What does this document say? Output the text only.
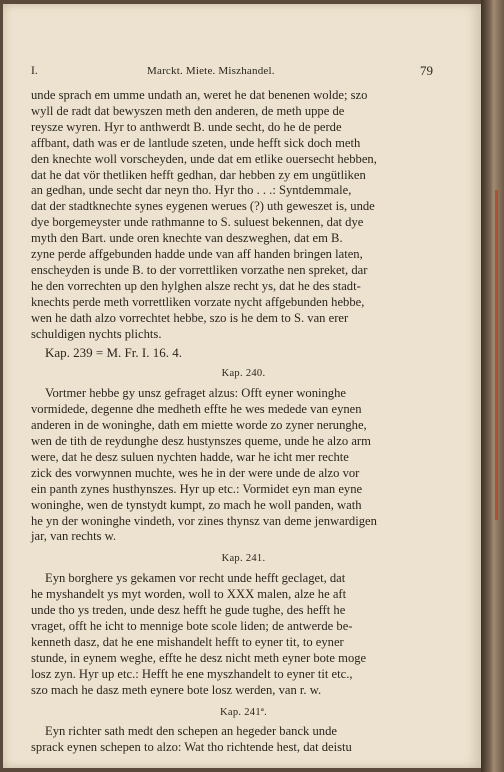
I.	Marckt. Miete. Miszhandel.	79
unde sprach em umme undath an, weret he dat benenen wolde; szo
wyll de radt dat bewyszen meth den anderen, de meth uppe de
reysze wyren. Hyr to anthwerdt B. unde secht, do he de perde
affbant, dath was er de lantlude szeten, unde hefft sick doch meth
den knechte woll vorscheyden, unde dat em etlike ouersecht hebben,
dat he dat vör thetliken hefft gedhan, dar hebben zy em ungütliken
an gedhan, unde secht dar neyn tho. Hyr tho . . .: Syntdemmale,
dat der stadtknechte synes eygenen werues (?) uth geweszet is, unde
dye borgemeyster unde rathmanne to S. suluest bekennen, dat dye
myth den Bart. unde oren knechte van deszweghen, dat em B.
zyne perde affgebunden hadde unde van aff handen bringen laten,
enscheyden is unde B. to der vorrettliken vorzathe nen spreket, dar
he den vorrechten up den hylghen alsze recht ys, dat he des stadt-
knechts perde meth vorrettliken vorzate nycht affgebunden hebbe,
wen he dath alzo vorrechtet hebbe, szo is he dem to S. van erer
schuldigen nychts plichts.
Kap. 239 = M. Fr. I. 16. 4.
Kap. 240.
Vortmer hebbe gy unsz gefraget alzus: Offt eyner woninghe
vormidede, degenne dhe medheth effte he wes medede van eynen
anderen in de woninghe, dath em miette worde zo zyner nerunghe,
wen de tith de reydunghe desz hustynszes queme, unde he alzo arm
were, dat he desz suluen nychten hadde, war he icht mer rechte
zick des vorwynnen muchte, wes he in der were unde de alzo vor
ein panth zynes husthynszes. Hyr up etc.: Vormidet eyn man eyne
woninghe, wen de tynstydt kumpt, zo mach he woll panden, wath
he yn der woninghe vindeth, vor zines thynsz van deme jenwardigen
jar, van rechts w.
Kap. 241.
Eyn borghere ys gekamen vor recht unde hefft geclaget, dat
he myshandelt ys myt worden, woll to XXX malen, alze he aft
unde tho ys treden, unde desz hefft he gude tughe, des hefft he
vraget, offt he icht to mennige bote scole liden; de antwerde be-
kenneth dasz, dat he ene mishandelt hefft to eyner tit, to eyner
stunde, in eynem weghe, effte he desz nicht meth eyner bote moge
losz zyn. Hyr up etc.: Hefft he ene myszhandelt to eyner tit etc.,
szo mach he dasz meth eynere bote losz werden, van r. w.
Kap. 241ª.
Eyn richter sath medt den schepen an hegeder banck unde
sprack eynen schepen to alzo: Wat tho richtende hest, dat deistu
